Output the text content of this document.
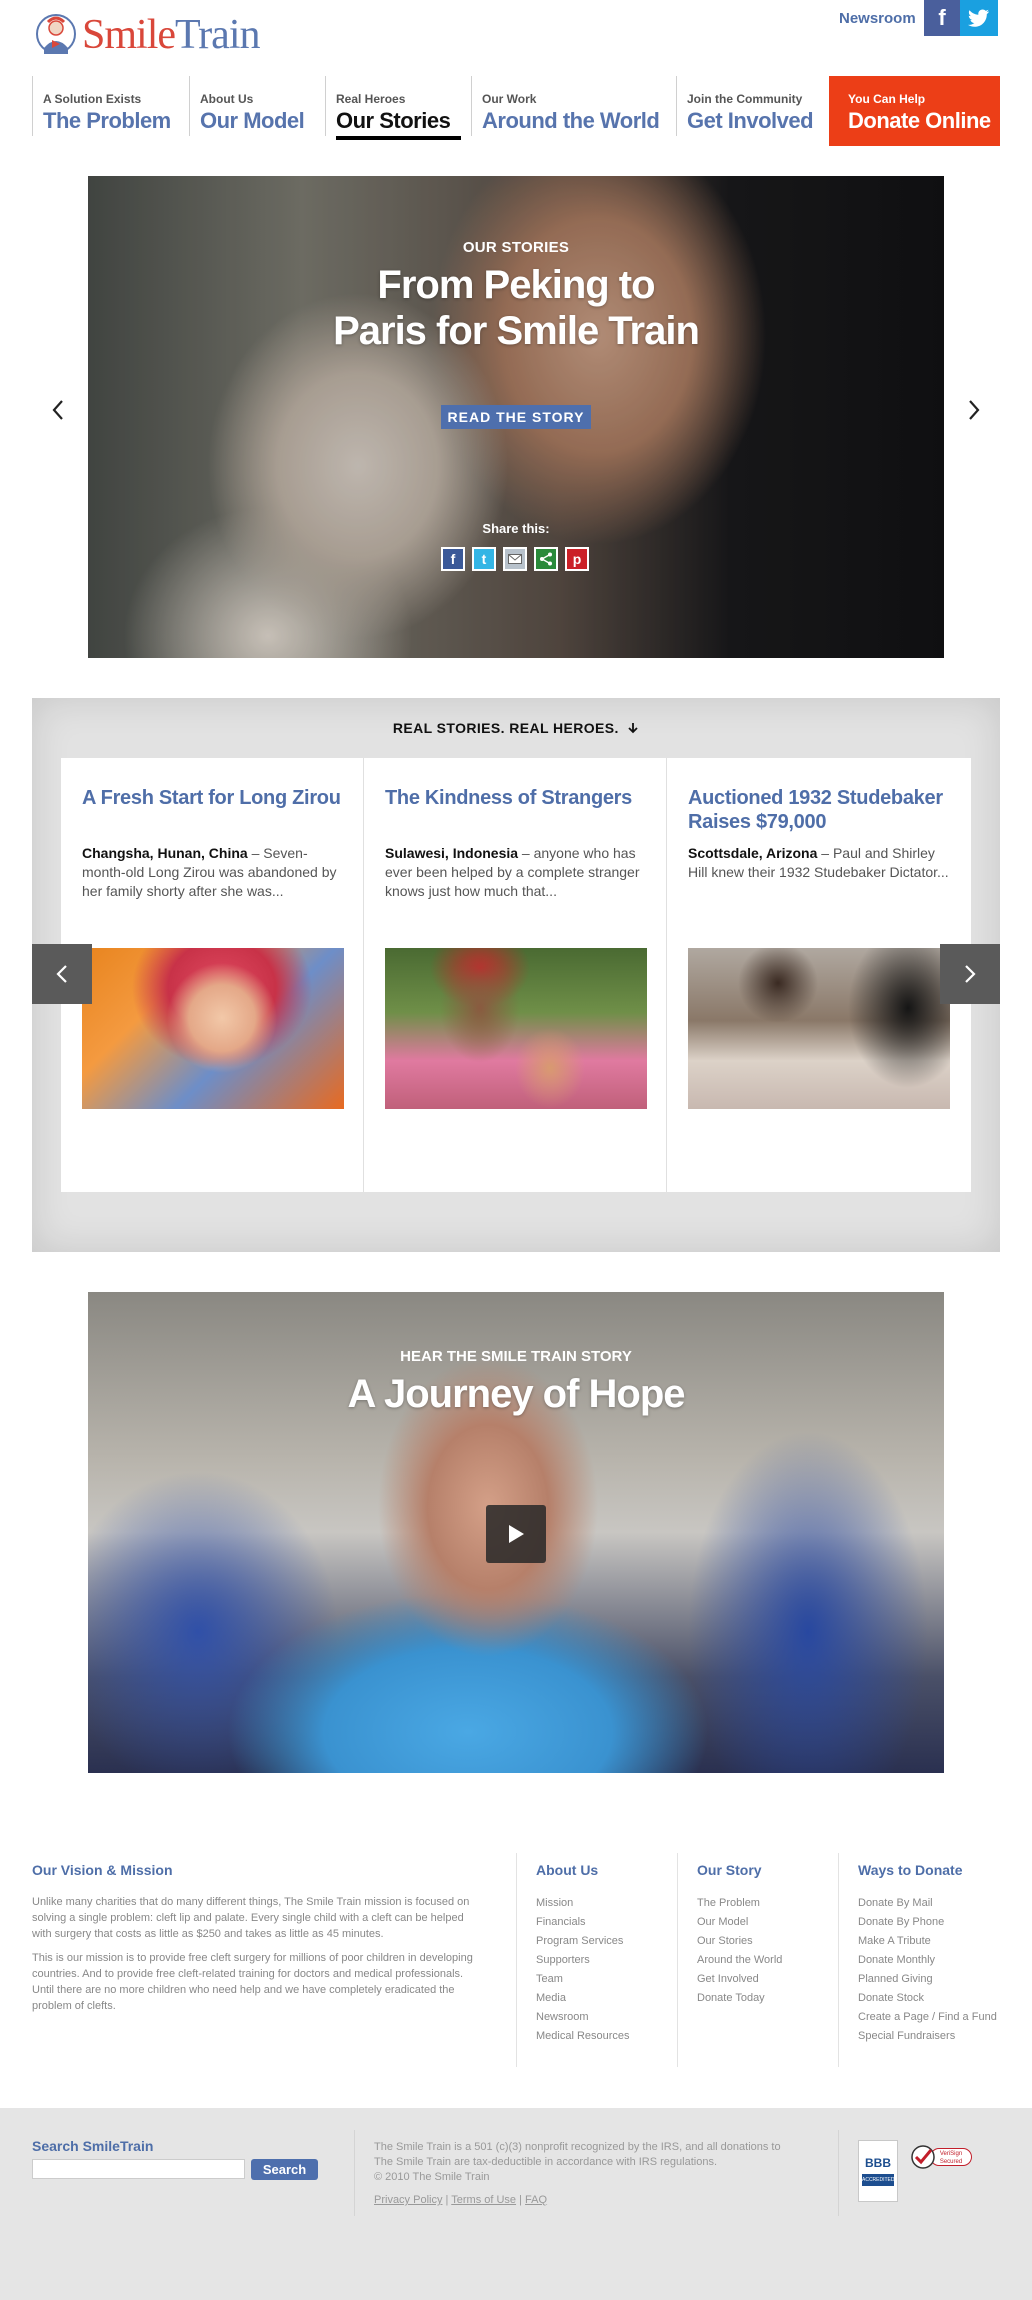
SmileTrain	Newsroom	f
A Solution Exists
The Problem
About Us
Our Model
Real Heroes
Our Stories
Our Work
Around the World
Join the Community
Get Involved
You Can Help
Donate Online
OUR STORIES
From Peking to
Paris for Smile Train
READ THE STORY
Share this:
f	t	p
REAL STORIES. REAL HEROES.
A Fresh Start for Long Zirou

Changsha, Hunan, China – Seven-month-old Long Zirou was abandoned by her family shorty after she was...

The Kindness of Strangers

Sulawesi, Indonesia – anyone who has ever been helped by a complete stranger knows just how much that...

Auctioned 1932 Studebaker Raises $79,000

Scottsdale, Arizona – Paul and Shirley Hill knew their 1932 Studebaker Dictator...

HEAR THE SMILE TRAIN STORY
A Journey of Hope
Our Vision & Mission

Unlike many charities that do many different things, The Smile Train mission is focused on solving a single problem: cleft lip and palate. Every single child with a cleft can be helped with surgery that costs as little as $250 and takes as little as 45 minutes.

This is our mission is to provide free cleft surgery for millions of poor children in developing countries. And to provide free cleft-related training for doctors and medical professionals. Until there are no more children who need help and we have completely eradicated the problem of clefts.

About Us
Mission
Financials
Program Services
Supporters
Team
Media
Newsroom
Medical Resources
Our Story
The Problem
Our Model
Our Stories
Around the World
Get Involved
Donate Today
Ways to Donate
Donate By Mail
Donate By Phone
Make A Tribute
Donate Monthly
Planned Giving
Donate Stock
Create a Page / Find a Fund
Special Fundraisers
Search SmileTrain
Search
The Smile Train is a 501 (c)(3) nonprofit recognized by the IRS, and all donations to
The Smile Train are tax-deductible in accordance with IRS regulations.
© 2010 The Smile Train
Privacy Policy | Terms of Use | FAQ
BBB
ACCREDITED BUSINESS
VeriSign Secured
